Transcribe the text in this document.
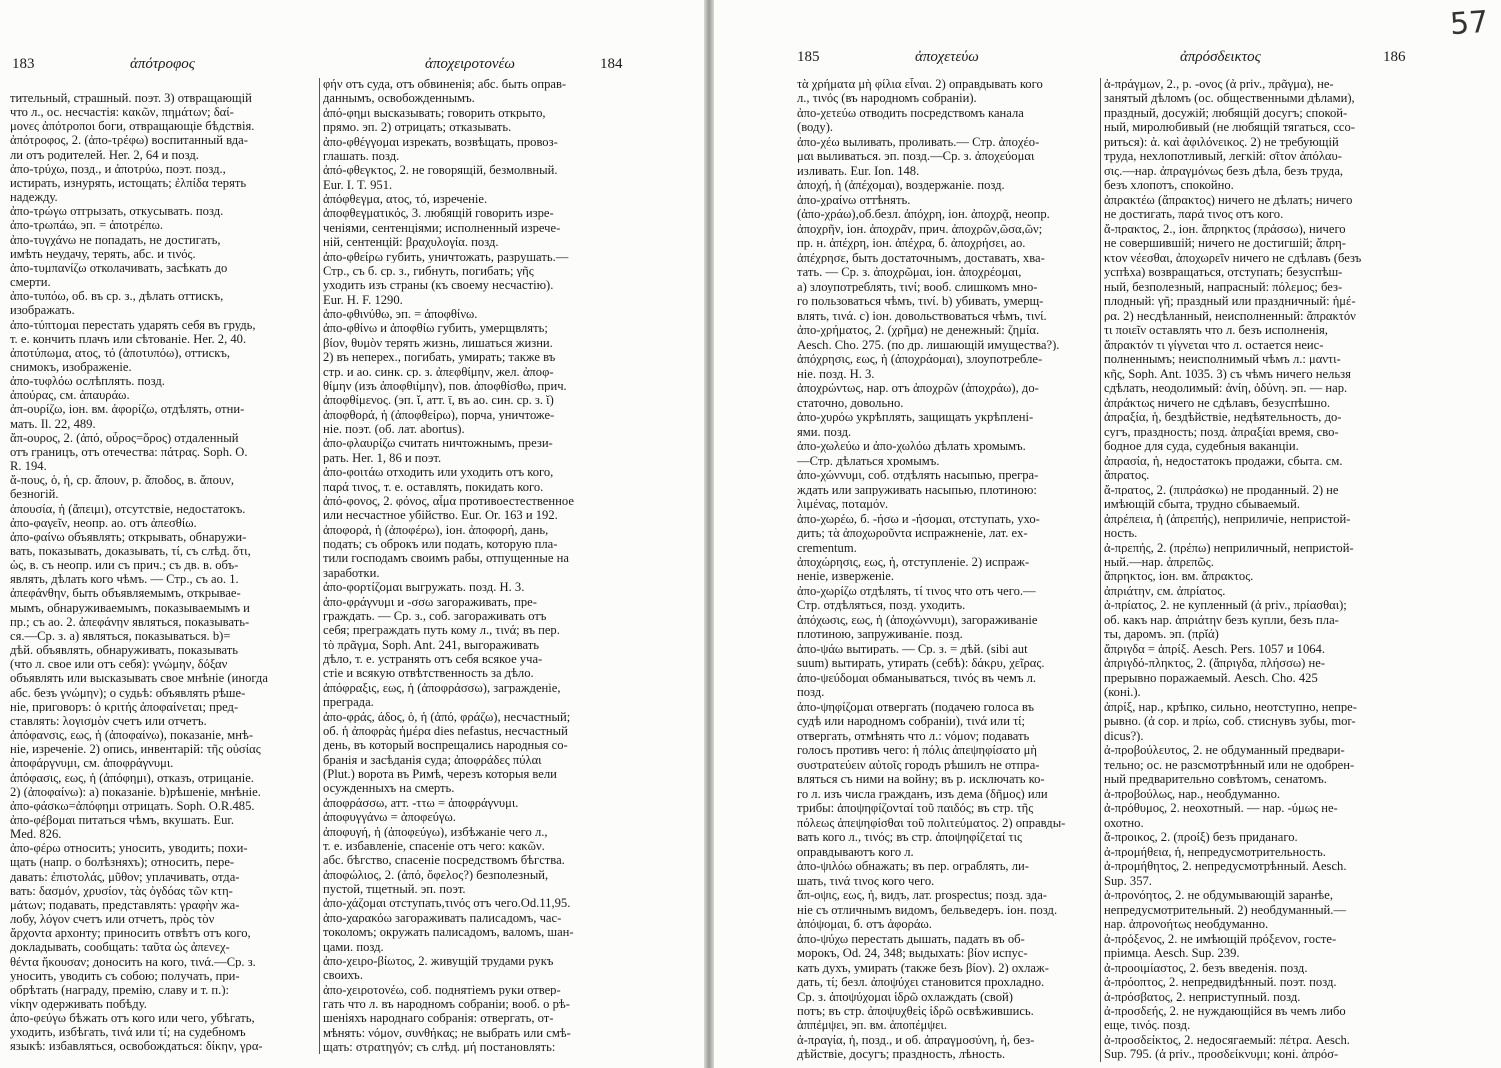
183	ἀπότροφος	ἀποχειροτονέω	184	185	ἀποχετεύω	ἀπρόσδεικτος	186
57
тительный, страшный. поэт. 3) отвращающій
что л., ос. несчастія: κακῶν, πημάτων; δαί-
μονες ἀπότροποι боги, отвращающіе бѣдствія.
ἀπότροφος, 2. (ἀπο-τρέφω) воспитанный вда-
ли отъ родителей. Her. 2, 64 и позд.
ἀπο-τρύχω, позд., и ἀποτρύω, поэт. позд.,
истирать, изнурять, истощать; ἐλπίδα терять
надежду.
ἀπο-τρώγω отгрызать, откусывать. позд.
ἀπο-τρωπάω, эп. = ἀποτρέπω.
ἀπο-τυγχάνω не попадать, не достигать,
имѣть неудачу, терять, абс. и τινός.
ἀπο-τυμπανίζω отколачивать, засѣкать до
смерти.
ἀπο-τυπόω, об. въ ср. з., дѣлать оттискъ,
изображать.
ἀπο-τύπτομαι перестать ударять себя въ грудь,
т. е. кончить плачъ или сѣтованіе. Her. 2, 40.
ἀποτύπωμα, ατος, τό (ἀποτυπόω), оттискъ,
снимокъ, изображеніе.
ἀπο-τυφλόω ослѣплять. позд.
ἀπούρας, см. ἀπαυράω.
ἀπ-ουρίζω, іон. вм. ἀφορίζω, отдѣлять, отни-
мать. Il. 22, 489.
ἄπ-ουρος, 2. (ἀπό, οὖρος=ὅρος) отдаленный
отъ границъ, отъ отечества: πάτρας. Soph. O.
R. 194.
ἄ-πους, ὁ, ἡ, ср. ἄπουν, р. ἄποδος, в. ἄπουν,
безногій.
ἀπουσία, ἡ (ἄπειμι), отсутствіе, недостатокъ.
ἀπο-φαγεῖν, неопр. ао. отъ ἀπεσθίω.
ἀπο-φαίνω объявлять; открывать, обнаружи-
вать, показывать, доказывать, τί, съ слѣд. ὅτι,
ὡς, в. съ неопр. или съ прич.; съ дв. в. объ-
являть, дѣлать кого чѣмъ. — Стр., съ ао. 1.
ἀπεφάνθην, быть объявляемымъ, открывае-
мымъ, обнаруживаемымъ, показываемымъ и
пр.; съ ао. 2. ἀπεφάνην являться, показывать-
ся.—Ср. з. а) являться, показываться. b)=
дѣй. объявлять, обнаруживать, показывать
(что л. свое или отъ себя): γνώμην, δόξαν
объявлять или высказывать свое мнѣніе (иногда
абс. безъ γνώμην); о судьѣ: объявлять рѣше-
ніе, приговоръ: ὁ κριτής ἀποφαίνεται; пред-
ставлять: λογισμὸν счетъ или отчетъ.
ἀπόφανσις, εως, ἡ (ἀποφαίνω), показаніе, мнѣ-
ніе, изреченіе. 2) опись, инвентарій: τῆς οὐσίας
ἀποφάργνυμι, см. ἀποφράγνυμι.
ἀπόφασις, εως, ἡ (ἀπόφημι), отказъ, отрицаніе.
2) (ἀποφαίνω): а) показаніе. b)рѣшеніе, мнѣніе.
ἀπο-φάσκω=ἀπόφημι отрицать. Soph. O.R.485.
ἀπο-φέβομαι питаться чѣмъ, вкушать. Eur.
Med. 826.
ἀπο-φέρω относить; уносить, уводить; похи-
щать (напр. о болѣзняхъ); относить, пере-
давать: ἐπιστολάς, μῦθον; уплачивать, отда-
вать: δασμόν, χρυσίον, τὰς ὀγδόας τῶν κτη-
μάτων; подавать, представлять: γραφὴν жа-
лобу, λόγον счетъ или отчетъ, πρὸς τὸν
ἄρχοντα архонту; приносить отвѣтъ отъ кого,
докладывать, сообщать: ταῦτα ὡς ἀπενεχ-
θέντα ἥκουσαν; доносить на кого, τινά.—Ср. з.
уносить, уводить съ собою; получать, при-
обрѣтать (награду, премію, славу и т. п.):
νίκην одерживать побѣду.
ἀπο-φεύγω бѣжать отъ кого или чего, убѣгать,
уходить, избѣгать, τινά или τί; на судебномъ
языкѣ: избавляться, освобождаться: δίκην, γρα-
φήν отъ суда, отъ обвиненія; абс. быть оправ-
даннымъ, освобожденнымъ.
ἀπό-φημι высказывать; говорить открыто,
прямо. эп. 2) отрицать; отказывать.
ἀπο-φθέγγομαι изрекать, возвѣщать, провоз-
глашать. позд.
ἀπό-φθεγκτος, 2. не говорящій, безмолвный.
Eur. I. T. 951.
ἀπόφθεγμα, ατος, τό, изреченіе.
ἀποφθεγματικός, 3. любящій говорить изре-
ченіями, сентенціями; исполненный изрече-
ній, сентенцій: βραχυλογία. позд.
ἀπο-φθείρω губить, уничтожать, разрушать.—
Стр., съ б. ср. з., гибнуть, погибать; γῆς
уходить изъ страны (къ своему несчастію).
Eur. H. F. 1290.
ἀπο-φθινύθω, эп. = ἀποφθίνω.
ἀπο-φθίνω и ἀποφθίω губить, умерщвлять;
βίον, θυμὸν терять жизнь, лишаться жизни.
2) въ неперех., погибать, умирать; также въ
стр. и ао. синк. ср. з. ἀπεφθίμην, жел. ἀποφ-
θίμην (изъ ἀποφθιίμην), пов. ἀποφθίσθω, прич.
ἀποφθίμενος. (эп. ῐ, атт. ῑ, въ ао. син. ср. з. ῐ)
ἀποφθορά, ἡ (ἀποφθείρω), порча, уничтоже-
ніе. поэт. (об. лат. abortus).
ἀπο-φλαυρίζω считать ничтожнымъ, прези-
рать. Her. 1, 86 и поэт.
ἀπο-φοιτάω отходить или уходить отъ кого,
παρά τινος, т. е. оставлять, покидать кого.
ἀπό-φονος, 2. φόνος, αἷμα противоестественное
или несчастное убійство. Eur. Or. 163 и 192.
ἀποφορά, ἡ (ἀποφέρω), іон. ἀποφορή, дань,
подать; съ оброкъ или подать, которую пла-
тили господамъ своимъ рабы, отпущенные на
заработки.
ἀπο-φορτίζομαι выгружать. позд. H. 3.
ἀπο-φράγνυμι и -σσω загораживать, пре-
граждать. — Ср. з., соб. загораживать отъ
себя; преграждать путь кому л., τινά; въ пер.
τὸ πρᾶγμα, Soph. Ant. 241, выгораживать
дѣло, т. е. устранять отъ себя всякое уча-
стіе и всякую отвѣтственность за дѣло.
ἀπόφραξις, εως, ἡ (ἀποφράσσω), загражденіе,
преграда.
ἀπο-φράς, άδος, ὁ, ἡ (ἀπό, φράζω), несчастный;
об. ἡ ἀποφρὰς ἡμέρα dies nefastus, несчастный
день, въ который воспрещались народныя со-
бранія и засѣданія суда; ἀποφράδες πύλαι
(Plut.) ворота въ Римѣ, черезъ которыя вели
осужденныхъ на смерть.
ἀποφράσσω, атт. -ττω = ἀποφράγνυμι.
ἀποφυγγάνω = ἀποφεύγω.
ἀποφυγή, ἡ (ἀποφεύγω), избѣжаніе чего л.,
т. е. избавленіе, спасеніе отъ чего: κακῶν.
абс. бѣгство, спасеніе посредствомъ бѣгства.
ἀποφώλιος, 2. (ἀπό, ὄφελος?) безполезный,
пустой, тщетный. эп. поэт.
ἀπο-χάζομαι отступать,τινός отъ чего.Od.11,95.
ἀπο-χαρακόω загораживать палисадомъ, час-
токоломъ; окружать палисадомъ, валомъ, шан-
цами. позд.
ἀπο-χειρο-βίωτος, 2. живущій трудами рукъ
своихъ.
ἀπο-χειροτονέω, соб. поднятіемъ руки отвер-
гать что л. въ народномъ собраніи; вооб. о рѣ-
шеніяхъ народнаго собранія: отвергать, от-
мѣнять: νόμον, συνθήκας; не выбрать или смѣ-
щать: στρατηγόν; съ слѣд. μή постановлять:
τὰ χρήματα μὴ φίλια εἶναι. 2) оправдывать кого
л., τινός (въ народномъ собраніи).
ἀπο-χετεύω отводить посредствомъ канала
(воду).
ἀπο-χέω выливать, проливать.— Стр. ἀποχέο-
μαι выливаться. эп. позд.—Ср. з. ἀποχεύομαι
изливать. Eur. Ion. 148.
ἀποχή, ἡ (ἀπέχομαι), воздержаніе. позд.
ἀπο-χραίνω оттѣнять.
(ἀπο-χράω),об.безл. ἀπόχρη, іон. ἀποχρᾷ, неопр.
ἀποχρῆν, іон. ἀποχρᾶν, прич. ἀποχρῶν,ῶσα,ῶν;
пр. н. ἀπέχρη, іон. ἀπέχρα, б. ἀποχρήσει, ао.
ἀπέχρησε, быть достаточнымъ, доставать, хва-
тать. — Ср. з. ἀποχρῶμαι, іон. ἀποχρέομαι,
а) злоупотреблять, τινί; вооб. слишкомъ мно-
го пользоваться чѣмъ, τινί. b) убивать, умерщ-
влять, τινά. с) іон. довольствоваться чѣмъ, τινί.
ἀπο-χρήματος, 2. (χρῆμα) не денежный: ζημία.
Aesch. Cho. 275. (по др. лишающій имущества?).
ἀπόχρησις, εως, ἡ (ἀποχράομαι), злоупотребле-
ніе. позд. H. 3.
ἀποχρώντως, нар. отъ ἀποχρῶν (ἀποχράω), до-
статочно, довольно.
ἀπο-χυρόω укрѣплять, защищать укрѣплені-
ями. позд.
ἀπο-χωλεύω и ἀπο-χωλόω дѣлать хромымъ.
—Стр. дѣлаться хромымъ.
ἀπο-χώννυμι, соб. отдѣлять насыпью, прегра-
ждать или запруживать насыпью, плотиною:
λιμένας, ποταμόν.
ἀπο-χωρέω, б. -ήσω и -ήσομαι, отступать, ухо-
дить; τὰ ἀποχωροῦντα испражненіе, лат. ex-
crementum.
ἀποχώρησις, εως, ἡ, отступленіе. 2) испраж-
неніе, изверженіе.
ἀπο-χωρίζω отдѣлять, τί τινος что отъ чего.—
Стр. отдѣляться, позд. уходить.
ἀπόχωσις, εως, ἡ (ἀποχώννυμι), загораживаніе
плотиною, запруживаніе. позд.
ἀπο-ψάω вытирать. — Ср. з. = дѣй. (sibi aut
suum) вытирать, утирать (себѣ): δάκρυ, χεῖρας.
ἀπο-ψεύδομαι обманываться, τινός въ чемъ л.
позд.
ἀπο-ψηφίζομαι отвергать (подачею голоса въ
судѣ или народномъ собраніи), τινά или τί;
отвергать, отмѣнять что л.: νόμον; подавать
голосъ противъ чего: ἡ πόλις ἀπεψηφίσατο μὴ
συστρατεύειν αὐτοῖς городъ рѣшилъ не отпра-
вляться съ ними на войну; въ р. исключать ко-
го л. изъ числа гражданъ, изъ дема (δῆμος) или
трибы: ἀποψηφίζονταί τοῦ παιδός; въ стр. τῆς
πόλεως ἀπεψηφίσθαι τοῦ πολιτεύματος. 2) оправды-
вать кого л., τινός; въ стр. ἀποψηφίζεταί τις
оправдываютъ кого л.
ἀπο-ψιλόω обнажать; въ пер. ограблять, ли-
шать, τινά τινος кого чего.
ἄπ-οψις, εως, ἡ, видъ, лат. prospectus; позд. зда-
ніе съ отличнымъ видомъ, бельведеръ. іон. позд.
ἀπόψομαι, б. отъ ἀφοράω.
ἀπο-ψύχω перестать дышать, падать въ об-
морокъ, Od. 24, 348; выдыхать: βίον испус-
кать духъ, умирать (также безъ βίον). 2) охлаж-
дать, τί; безл. ἀποψύχει становится прохладно.
Ср. з. ἀποψύχομαι ἱδρῶ охлаждать (свой)
потъ; въ стр. ἀποψυχθεὶς ἱδρῶ освѣжившись.
ἀππέμψει, эп. вм. ἀποπέμψει.
ἀ-πραγία, ἡ, позд., и об. ἀπραγμοσύνη, ἡ, без-
дѣйствіе, досугъ; праздность, лѣность.
ἀ-πράγμων, 2., р. -ονος (ἀ priv., πρᾶγμα), не-
занятый дѣломъ (ос. общественными дѣлами),
праздный, досужій; любящій досугъ; спокой-
ный, миролюбивый (не любящій тягаться, ссо-
риться): ἀ. καὶ ἀφιλόνεικος. 2) не требующій
труда, нехлопотливый, легкій: σῖτον ἀπόλαυ-
σις.—нар. ἀπραγμόνως безъ дѣла, безъ труда,
безъ хлопотъ, спокойно.
ἀπρακτέω (ἄπρακτος) ничего не дѣлать; ничего
не достигать, παρά τινος отъ кого.
ἄ-πρακτος, 2., іон. ἄπρηκτος (πράσσω), ничего
не совершившій; ничего не достигшій; ἄπρη-
κτον νέεσθαι, ἀποχωρεῖν ничего не сдѣлавъ (безъ
успѣха) возвращаться, отступать; безуспѣш-
ный, безполезный, напрасный: πόλεμος; без-
плодный: γῆ; праздный или праздничный: ἡμέ-
ρα. 2) несдѣланный, неисполненный: ἄπρακτόν
τι ποιεῖν оставлять что л. безъ исполненія,
ἄπρακτόν τι γίγνεται что л. остается неис-
полненнымъ; неисполнимый чѣмъ л.: μαντι-
κῆς, Soph. Ant. 1035. 3) съ чѣмъ ничего нельзя
сдѣлать, неодолимый: ἀνίη, ὀδύνη. эп. — нар.
ἀπράκτως ничего не сдѣлавъ, безуспѣшно.
ἀπραξία, ἡ, бездѣйствіе, недѣятельность, до-
сугъ, праздность; позд. ἀπραξίαι время, сво-
бодное для суда, судебныя ваканціи.
ἀπρασία, ἡ, недостатокъ продажи, сбыта. см.
ἄπρατος.
ἄ-πρατος, 2. (πιπράσκω) не проданный. 2) не
имѣющій сбыта, трудно сбываемый.
ἀπρέπεια, ἡ (ἀπρεπής), неприличіе, непристой-
ность.
ἀ-πρεπής, 2. (πρέπω) неприличный, непристой-
ный.—нар. ἀπρεπῶς.
ἄπρηκτος, іон. вм. ἄπρακτος.
ἀπριάτην, см. ἀπρίατος.
ἀ-πρίατος, 2. не купленный (ἀ priv., πρίασθαι);
об. какъ нар. ἀπριάτην безъ купли, безъ пла-
ты, даромъ. эп. (πρῐά)
ἄπριγδα = ἀπρίξ. Aesch. Pers. 1057 и 1064.
ἀπριγδό-πληκτος, 2. (ἄπριγδα, πλήσσω) не-
прерывно поражаемый. Aesch. Cho. 425
(коні.).
ἀπρίξ, нар., крѣпко, сильно, неотступно, непре-
рывно. (ἀ сор. и πρίω, соб. стиснувъ зубы, mor-
dicus?).
ἀ-προβούλευτος, 2. не обдуманный предвари-
тельно; ос. не разсмотрѣнный или не одобрен-
ный предварительно совѣтомъ, сенатомъ.
ἀ-προβούλως, нар., необдуманно.
ἀ-πρόθυμος, 2. неохотный. — нар. -ύμως не-
охотно.
ἄ-προικος, 2. (προίξ) безъ приданаго.
ἀ-προμήθεια, ἡ, непредусмотрительность.
ἀ-προμήθητος, 2. непредусмотрѣнный. Aesch.
Sup. 357.
ἀ-προνόητος, 2. не обдумывающій заранѣе,
непредусмотрительный. 2) необдуманный.—
нар. ἀπρονοήτως необдуманно.
ἀ-πρόξενος, 2. не имѣющій πρόξενον, госте-
пріимца. Aesch. Sup. 239.
ἀ-προοιμίαστος, 2. безъ введенія. позд.
ἀ-πρόοπτος, 2. непредвидѣнный. поэт. позд.
ἀ-πρόσβατος, 2. неприступный. позд.
ἀ-προσδεής, 2. не нуждающійся въ чемъ либо
еще, τινός. позд.
ἀ-προσδείκτος, 2. недосягаемый: πέτρα. Aesch.
Sup. 795. (ἀ priv., προσδείκνυμι; коні. ἀπρόσ-
